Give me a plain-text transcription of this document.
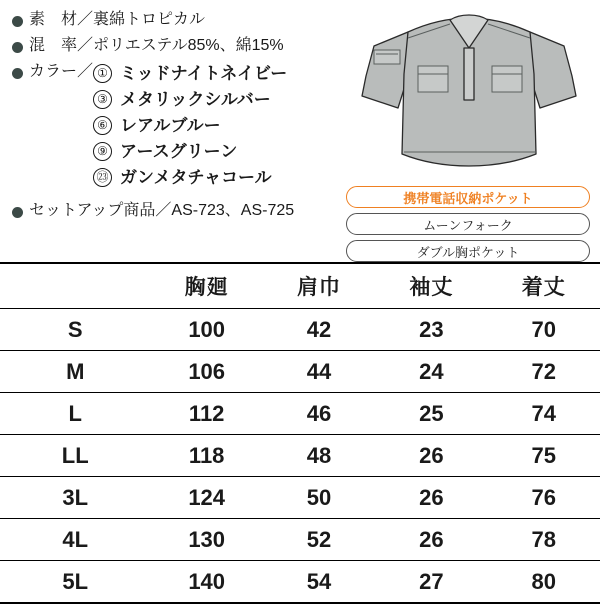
素　材／ 裏綿トロピカル
混　率／ ポリエステル85%、綿15%
カラー／ ① ミッドナイトネイビー
③ メタリックシルバー
⑥ レアルブルー
⑨ アースグリーン
㉓ ガンメタチャコール
セットアップ商品／ AS-723、AS-725
携帯電話収納ポケット
ムーンフォーク
ダブル胸ポケット
	胸廻	肩巾	袖丈	着丈
S	100	42	23	70
M	106	44	24	72
L	112	46	25	74
LL	118	48	26	75
3L	124	50	26	76
4L	130	52	26	78
5L	140	54	27	80
